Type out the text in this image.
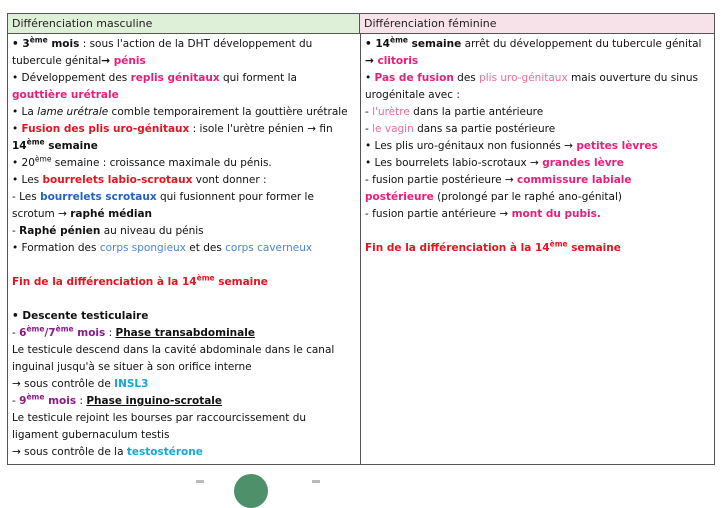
Différenciation masculine	Différenciation féminine

• 3ème mois : sous l'action de la DHT développement du

tubercule génital→ pénis

• Développement des replis génitaux qui forment la

gouttière urétrale

• La lame urétrale comble temporairement la gouttière urétrale

• Fusion des plis uro-génitaux : isole l'urètre pénien → fin

14ème semaine

• 20ème semaine : croissance maximale du pénis.

• Les bourrelets labio-scrotaux vont donner :

- Les bourrelets scrotaux qui fusionnent pour former le

scrotum → raphé médian

- Raphé pénien au niveau du pénis

• Formation des corps spongieux et des corps caverneux

Fin de la différenciation à la 14ème semaine

• Descente testiculaire

- 6ème/7ème mois : Phase transabdominale

Le testicule descend dans la cavité abdominale dans le canal

inguinal jusqu'à se situer à son orifice interne

→ sous contrôle de INSL3

- 9ème mois : Phase inguino-scrotale

Le testicule rejoint les bourses par raccourcissement du

ligament gubernaculum testis

→ sous contrôle de la testostérone

• 14ème semaine arrêt du développement du tubercule génital

→ clitoris

• Pas de fusion des plis uro-génitaux mais ouverture du sinus

urogénitale avec :

- l'urètre dans la partie antérieure

- le vagin dans sa partie postérieure

• Les plis uro-génitaux non fusionnés → petites lèvres

• Les bourrelets labio-scrotaux → grandes lèvre

- fusion partie postérieure → commissure labiale

postérieure (prolongé par le raphé ano-génital)

- fusion partie antérieure → mont du pubis.

Fin de la différenciation à la 14ème semaine
